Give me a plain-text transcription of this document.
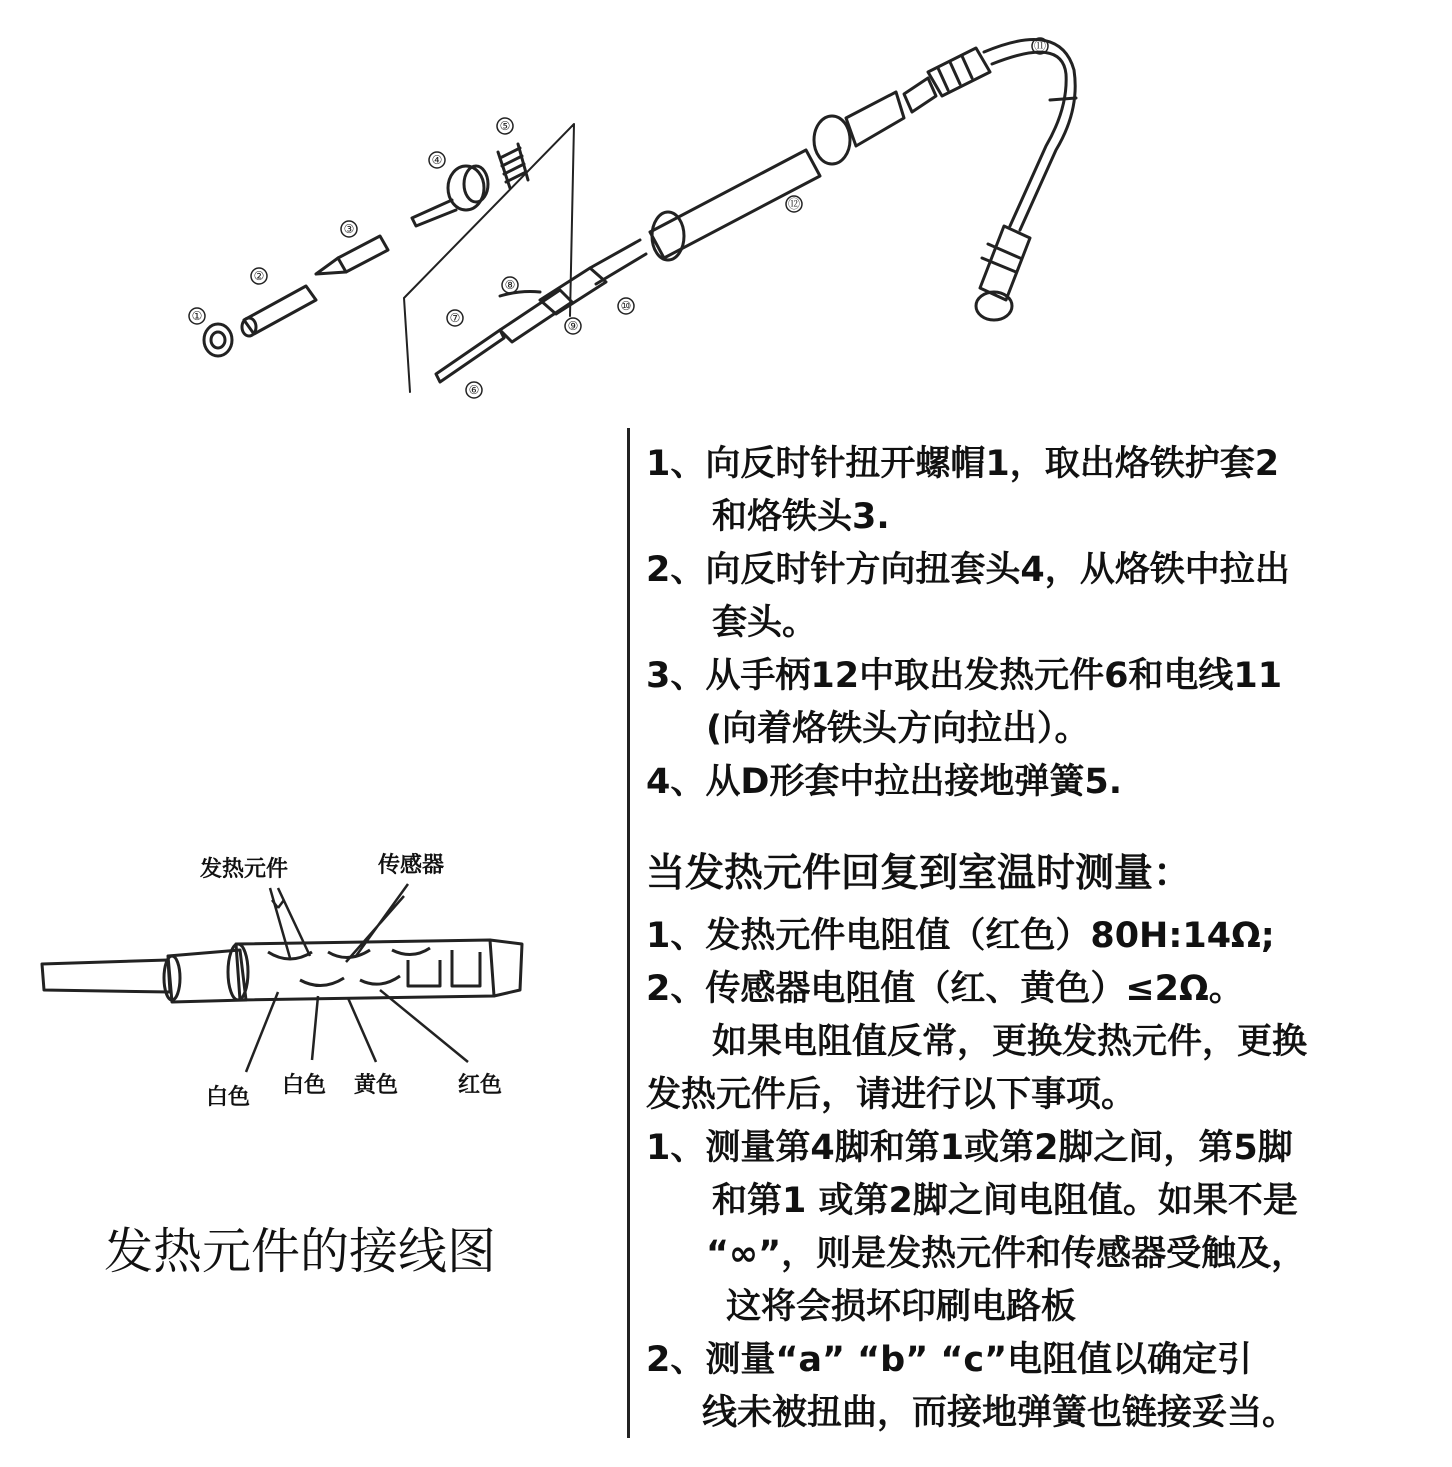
①
②
③
④
⑤
⑥
⑦
⑧
⑨
⑩
⑪
⑫
1、 向反时针扭开螺帽1，取出烙铁护套2
和烙铁头3.
2、 向反时针方向扭套头4，从烙铁中拉出
套头。
3、 从手柄12中取出发热元件6和电线11
(向着烙铁头方向拉出）。
4、 从D形套中拉出接地弹簧5.
当发热元件回复到室温时测量：
1、发热元件电阻值（红色）80H:14Ω;
2、传感器电阻值（红、黄色）≤2Ω。
如果电阻值反常，更换发热元件，更换
发热元件后，请进行以下事项。
1、 测量第4脚和第1或第2脚之间，第5脚
和第1 或第2脚之间电阻值。如果不是
“∞”，则是发热元件和传感器受触及，
这将会损坏印刷电路板
2、 测量“a” “b” “c”电阻值以确定引
线未被扭曲，而接地弹簧也链接妥当。
发热元件	传感器
白色 白色 黄色	红色
发热元件的接线图
